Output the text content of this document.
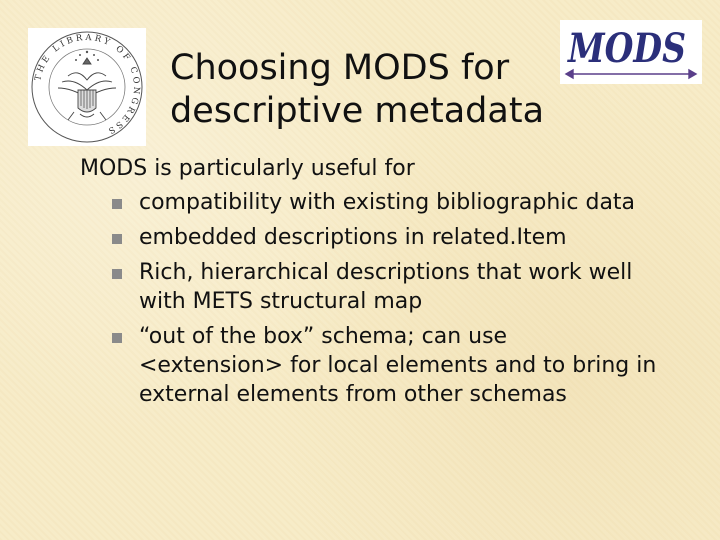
THE LIBRARY OF CONGRESS
MODS
Choosing MODS for
descriptive metadata
MODS is particularly useful for
compatibility with existing bibliographic data
embedded descriptions in related.Item
Rich, hierarchical descriptions that work well
with METS structural map
“out of the box” schema; can use
<extension> for local elements and to bring in
external elements from other schemas
